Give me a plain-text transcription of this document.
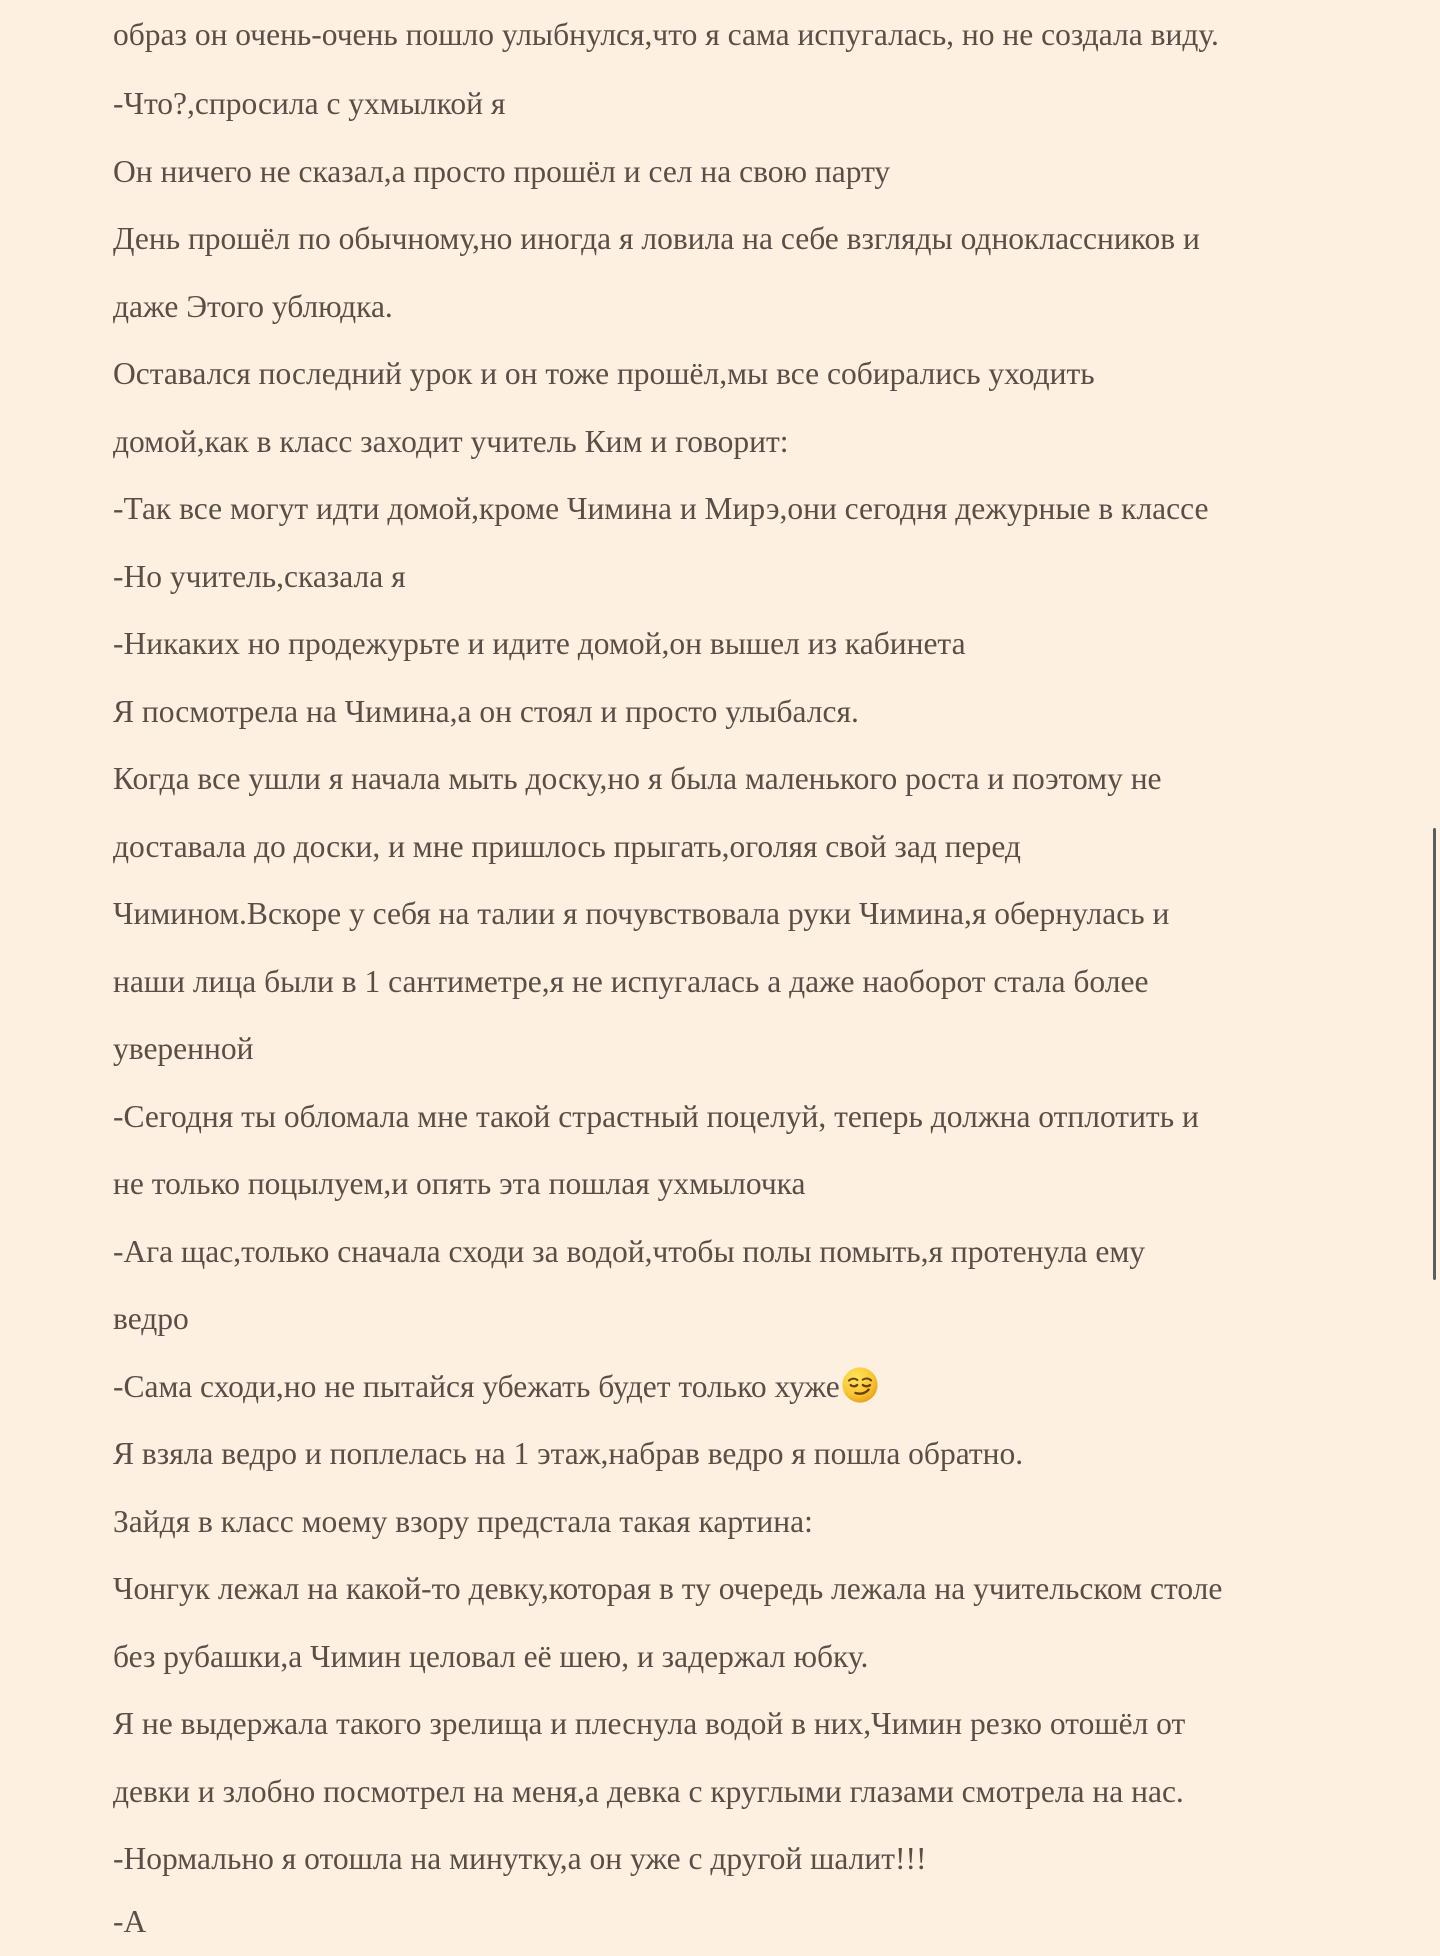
образ он очень-очень пошло улыбнулся,что я сама испугалась, но не создала виду.
-Что?,спросила с ухмылкой я
Он ничего не сказал,а просто прошёл и сел на свою парту
День прошёл по обычному,но иногда я ловила на себе взгляды одноклассников и
даже Этого ублюдка.
Оставался последний урок и он тоже прошёл,мы все собирались уходить
домой,как в класс заходит учитель Ким и говорит:
-Так все могут идти домой,кроме Чимина и Мирэ,они сегодня дежурные в классе
-Но учитель,сказала я
-Никаких но продежурьте и идите домой,он вышел из кабинета
Я посмотрела на Чимина,а он стоял и просто улыбался.
Когда все ушли я начала мыть доску,но я была маленького роста и поэтому не
доставала до доски, и мне пришлось прыгать,оголяя свой зад перед
Чимином.Вскоре у себя на талии я почувствовала руки Чимина,я обернулась и
наши лица были в 1 сантиметре,я не испугалась а даже наоборот стала более
уверенной
-Сегодня ты обломала мне такой страстный поцелуй, теперь должна отплотить и
не только поцылуем,и опять эта пошлая ухмылочка
-Ага щас,только сначала сходи за водой,чтобы полы помыть,я протенула ему
ведро
-Сама сходи,но не пытайся убежать будет только хуже
Я взяла ведро и поплелась на 1 этаж,набрав ведро я пошла обратно.
Зайдя в класс моему взору предстала такая картина:
Чонгук лежал на какой-то девку,которая в ту очередь лежала на учительском столе
без рубашки,а Чимин целовал её шею, и задержал юбку.
Я не выдержала такого зрелища и плеснула водой в них,Чимин резко отошёл от
девки и злобно посмотрел на меня,а девка с круглыми глазами смотрела на нас.
-Нормально я отошла на минутку,а он уже с другой шалит!!!
-А
